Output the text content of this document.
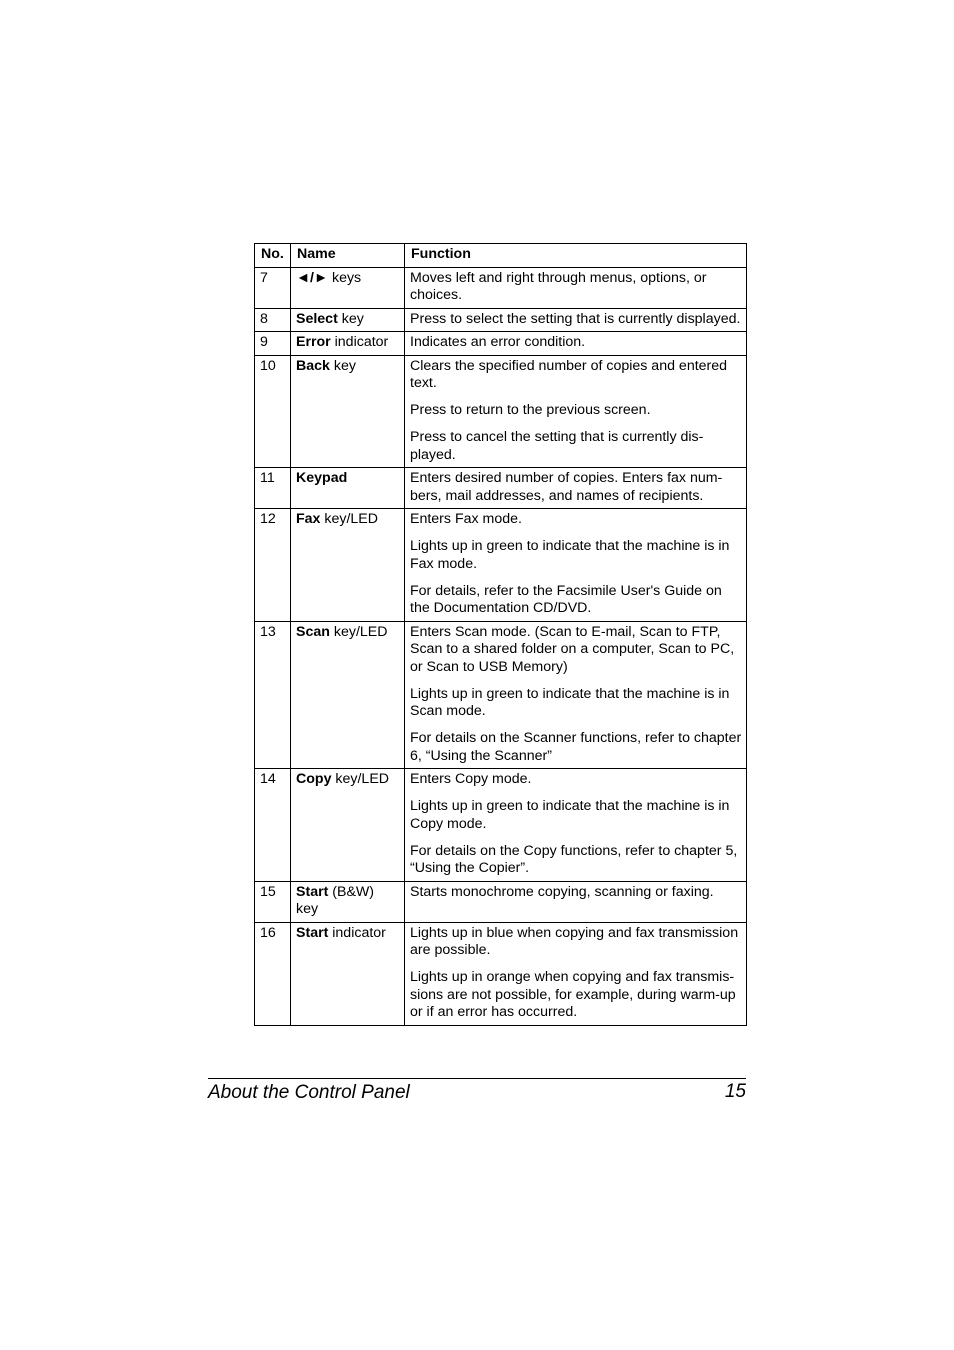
No.	Name	Function
7	◄/► keys	Moves left and right through menus, options, or choices.

8	Select key	Press to select the setting that is currently displayed.

9	Error indicator	Indicates an error condition.

10	Back key	Clears the specified number of copies and entered text.

Press to return to the previous screen.

Press to cancel the setting that is currently dis-played.

11	Keypad	Enters desired number of copies. Enters fax num-bers, mail addresses, and names of recipients.

12	Fax key/LED	Enters Fax mode.

Lights up in green to indicate that the machine is in Fax mode.

For details, refer to the Facsimile User's Guide on the Documentation CD/DVD.

13	Scan key/LED	Enters Scan mode. (Scan to E-mail, Scan to FTP, Scan to a shared folder on a computer, Scan to PC, or Scan to USB Memory)

Lights up in green to indicate that the machine is in Scan mode.

For details on the Scanner functions, refer to chapter 6, “Using the Scanner”

14	Copy key/LED	Enters Copy mode.

Lights up in green to indicate that the machine is in Copy mode.

For details on the Copy functions, refer to chapter 5, “Using the Copier”.

15	Start (B&W) key	Starts monochrome copying, scanning or faxing.

16	Start indicator	Lights up in blue when copying and fax transmission are possible.

Lights up in orange when copying and fax transmis-sions are not possible, for example, during warm-up or if an error has occurred.

About the Control Panel	15
